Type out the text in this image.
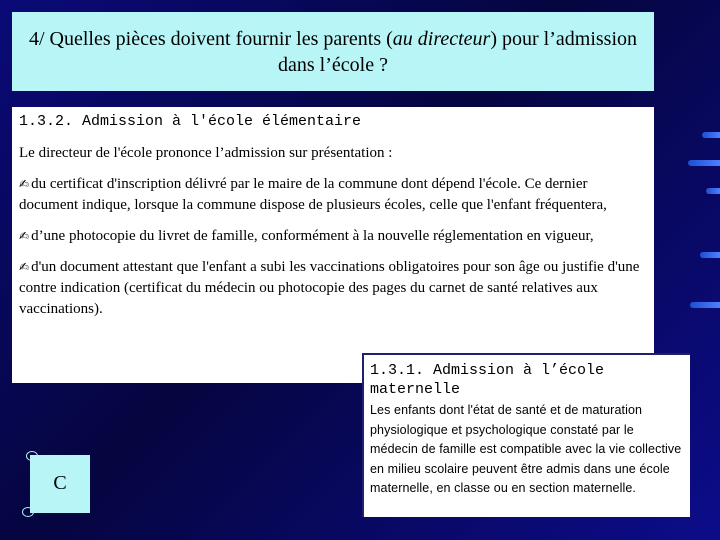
4/ Quelles pièces doivent fournir les parents (au directeur) pour l’admission dans l’école ?
1.3.2. Admission à l'école élémentaire
Le directeur de l'école prononce l’admission sur présentation :
✍ du certificat d'inscription délivré par le maire de la commune dont dépend l'école. Ce dernier document indique, lorsque la commune dispose de plusieurs écoles, celle que l'enfant fréquentera,
✍ d’une photocopie du livret de famille, conformément à la nouvelle réglementation en vigueur,
✍ d'un document attestant que l'enfant a subi les vaccinations obligatoires pour son âge ou justifie d'une contre indication (certificat du médecin ou photocopie des pages du carnet de santé relatives aux vaccinations).
1.3.1. Admission à l’école maternelle
Les enfants dont l'état de santé et de maturation physiologique et psychologique constaté par le médecin de famille est compatible avec la vie collective en milieu scolaire peuvent être admis dans une école maternelle, en classe ou en section maternelle.
C
